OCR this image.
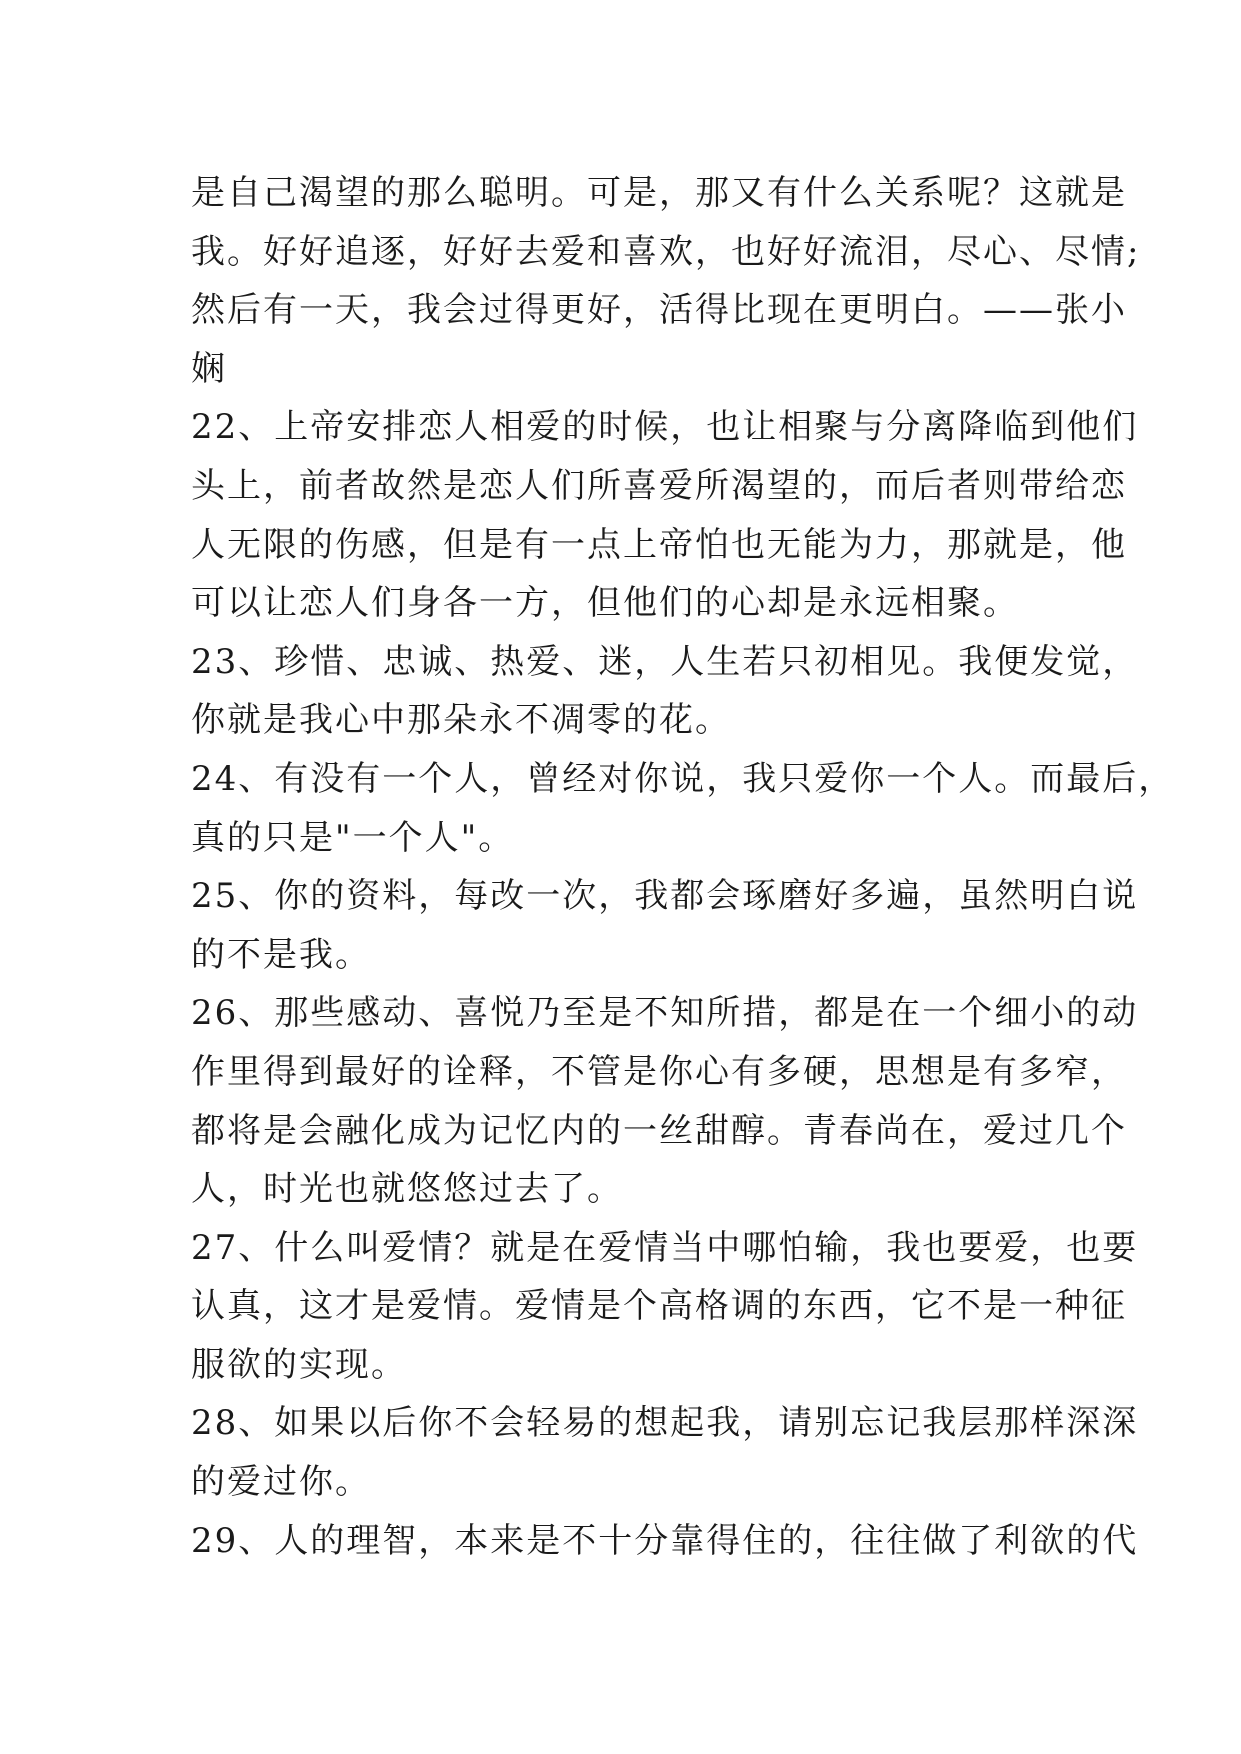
是自己渴望的那么聪明。可是，那又有什么关系呢？这就是
我。好好追逐，好好去爱和喜欢，也好好流泪，尽心、尽情;
然后有一天，我会过得更好，活得比现在更明白。——张小
娴
22、上帝安排恋人相爱的时候，也让相聚与分离降临到他们
头上，前者故然是恋人们所喜爱所渴望的，而后者则带给恋
人无限的伤感，但是有一点上帝怕也无能为力，那就是，他
可以让恋人们身各一方，但他们的心却是永远相聚。
23、珍惜、忠诚、热爱、迷，人生若只初相见。我便发觉，
你就是我心中那朵永不凋零的花。
24、有没有一个人，曾经对你说，我只爱你一个人。而最后，
真的只是"一个人"。
25、你的资料，每改一次，我都会琢磨好多遍，虽然明白说
的不是我。
26、那些感动、喜悦乃至是不知所措，都是在一个细小的动
作里得到最好的诠释，不管是你心有多硬，思想是有多窄，
都将是会融化成为记忆内的一丝甜醇。青春尚在，爱过几个
人，时光也就悠悠过去了。
27、什么叫爱情？就是在爱情当中哪怕输，我也要爱，也要
认真，这才是爱情。爱情是个高格调的东西，它不是一种征
服欲的实现。
28、如果以后你不会轻易的想起我，请别忘记我层那样深深
的爱过你。
29、人的理智，本来是不十分靠得住的，往往做了利欲的代
